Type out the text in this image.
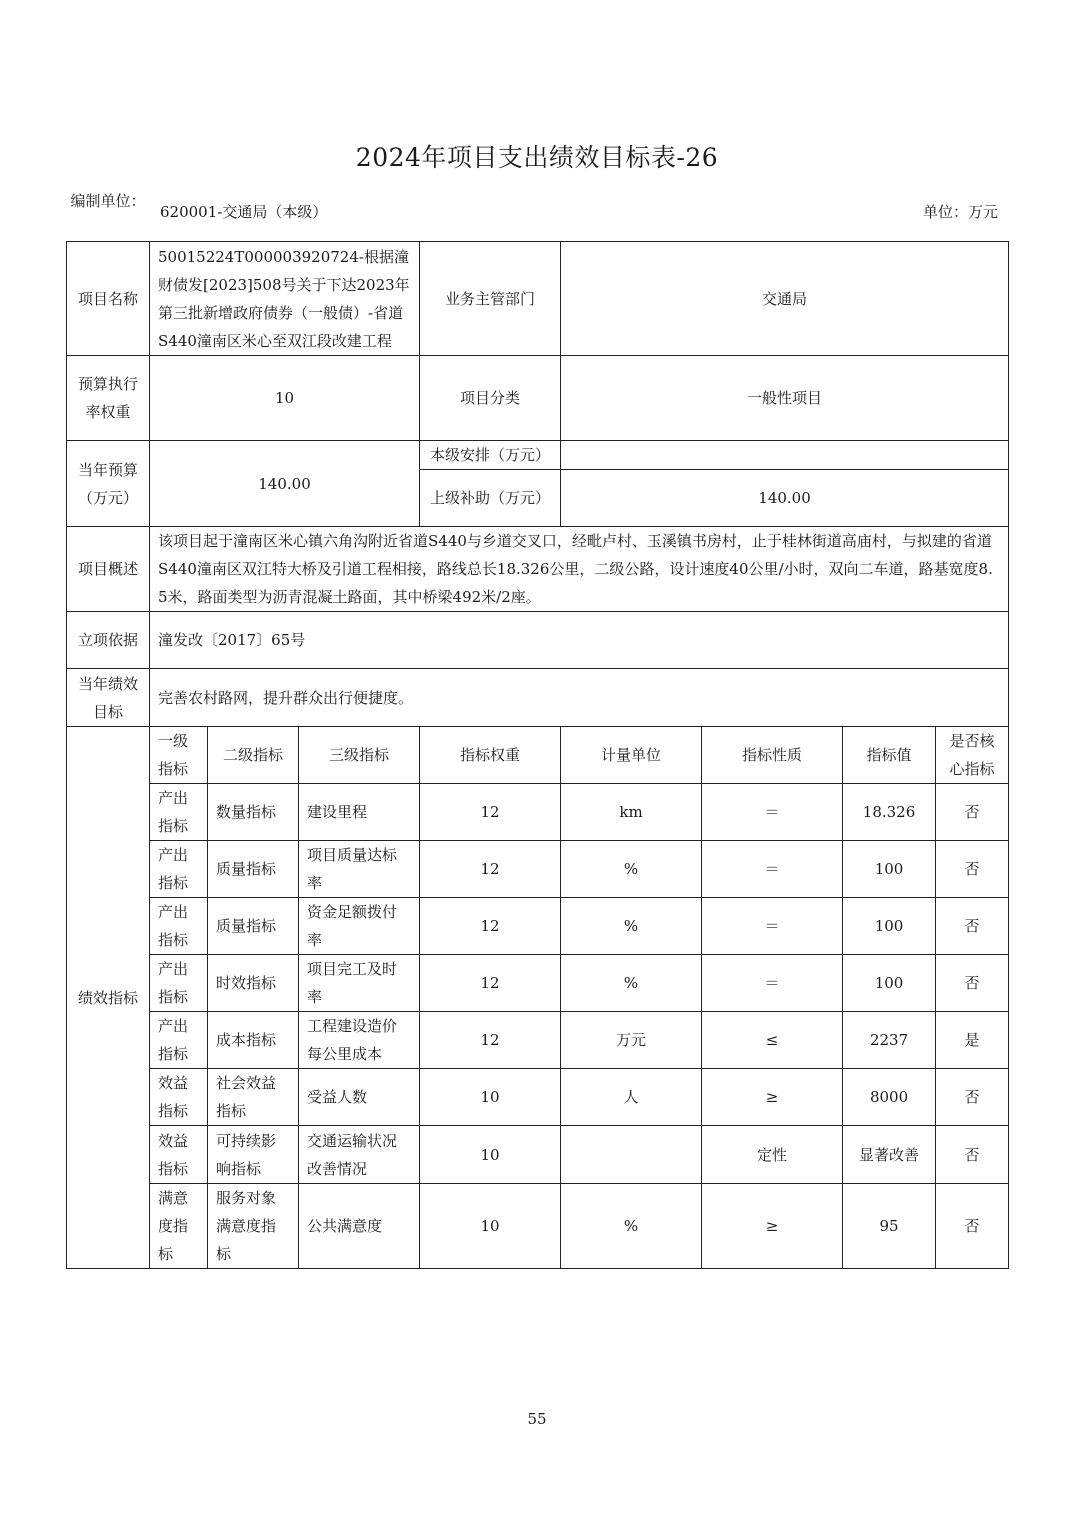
2024年项目支出绩效目标表-26
编制单位：
620001-交通局（本级）	单位：万元
项目名称	50015224T000003920724-根据潼财债发[2023]508号关于下达2023年第三批新增政府债券（一般债）-省道S440潼南区米心至双江段改建工程			业务主管部门	交通局			
预算执行率权重	10			项目分类	一般性项目			
当年预算（万元）	140.00			本级安排（万元）				
				上级补助（万元）	140.00			
项目概述	该项目起于潼南区米心镇六角沟附近省道S440与乡道交叉口，经毗卢村、玉溪镇书房村，止于桂林街道高庙村，与拟建的省道S440潼南区双江特大桥及引道工程相接，路线总长18.326公里，二级公路，设计速度40公里/小时，双向二车道，路基宽度8.5米，路面类型为沥青混凝土路面，其中桥梁492米/2座。							
立项依据	潼发改〔2017〕65号							
当年绩效目标	完善农村路网，提升群众出行便捷度。							
绩效指标	一级指标	二级指标	三级指标	指标权重	计量单位	指标性质	指标值	是否核心指标
	产出指标	数量指标	建设里程	12	km	＝	18.326	否
	产出指标	质量指标	项目质量达标率	12	%	＝	100	否
	产出指标	质量指标	资金足额拨付率	12	%	＝	100	否
	产出指标	时效指标	项目完工及时率	12	%	＝	100	否
	产出指标	成本指标	工程建设造价每公里成本	12	万元	≤	2237	是
	效益指标	社会效益指标	受益人数	10	人	≥	8000	否
	效益指标	可持续影响指标	交通运输状况改善情况	10		定性	显著改善	否
	满意度指标	服务对象满意度指标	公共满意度	10	%	≥	95	否
55
